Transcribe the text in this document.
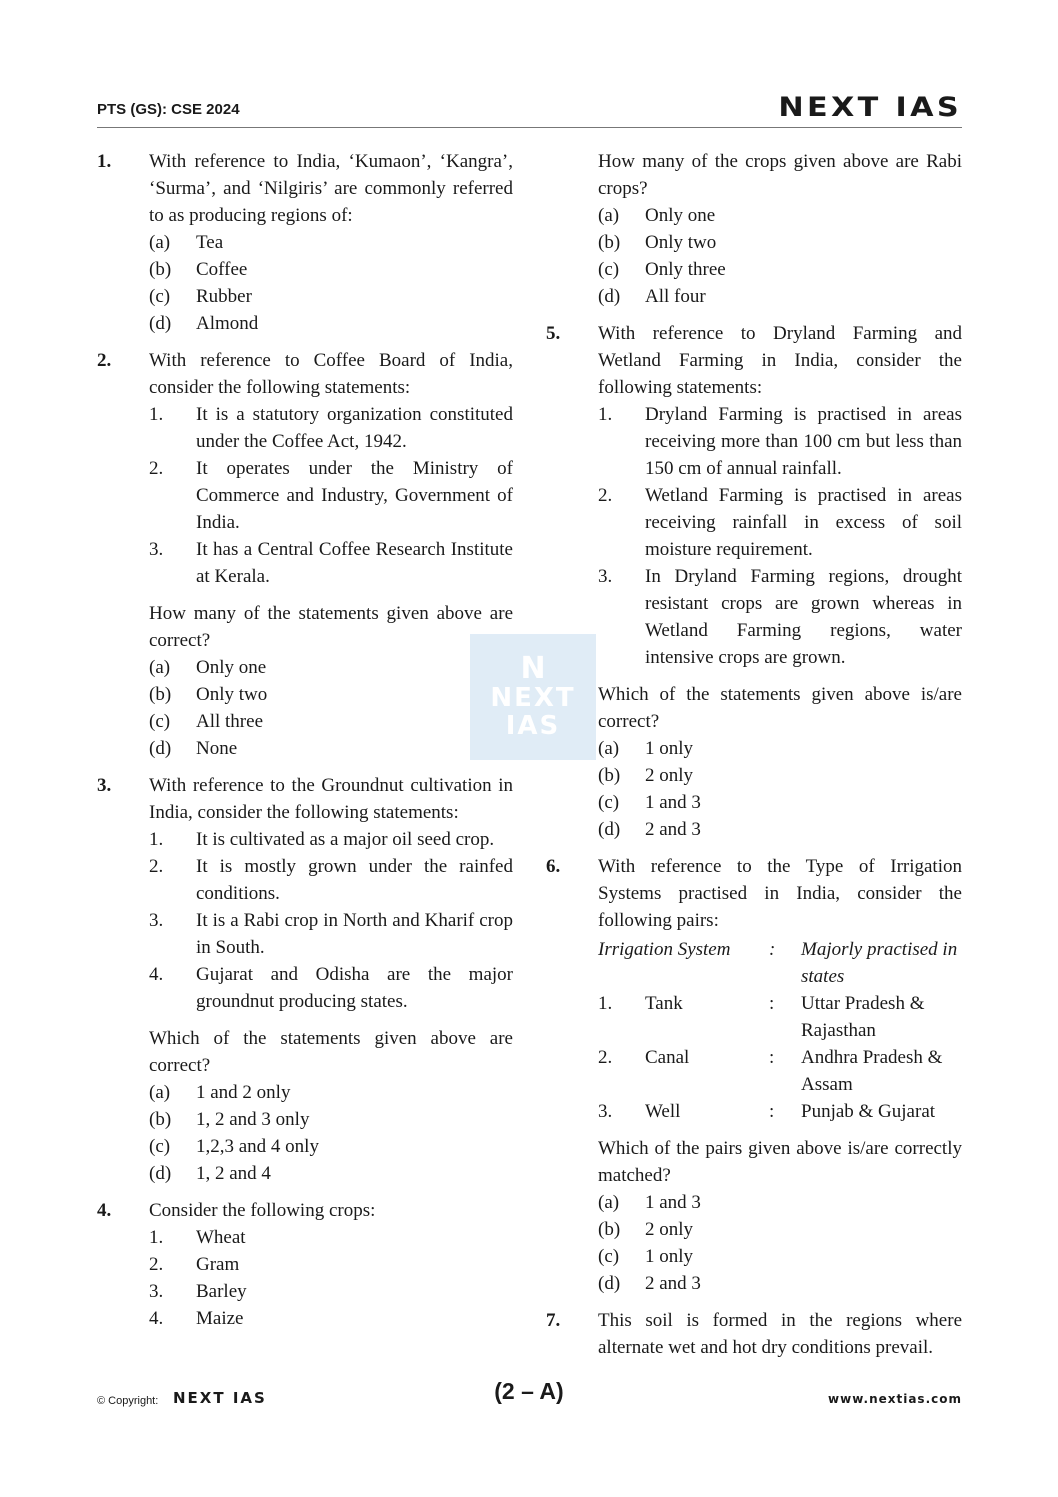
PTS (GS): CSE 2024	NEXT IAS
1. With reference to India, ‘Kumaon’, ‘Kangra’, ‘Surma’, and ‘Nilgiris’ are commonly referred to as producing regions of:
(a) Tea
(b) Coffee
(c) Rubber
(d) Almond
2. With reference to Coffee Board of India, consider the following statements:
1. It is a statutory organization constituted under the Coffee Act, 1942.
2. It operates under the Ministry of Commerce and Industry, Government of India.
3. It has a Central Coffee Research Institute at Kerala.
How many of the statements given above are correct?
(a) Only one
(b) Only two
(c) All three
(d) None
3. With reference to the Groundnut cultivation in India, consider the following statements:
1. It is cultivated as a major oil seed crop.
2. It is mostly grown under the rainfed conditions.
3. It is a Rabi crop in North and Kharif crop in South.
4. Gujarat and Odisha are the major groundnut producing states.
Which of the statements given above are correct?
(a) 1 and 2 only
(b) 1, 2 and 3 only
(c) 1,2,3 and 4 only
(d) 1, 2 and 4
4. Consider the following crops:
1. Wheat
2. Gram
3. Barley
4. Maize
How many of the crops given above are Rabi crops?
(a) Only one
(b) Only two
(c) Only three
(d) All four
5. With reference to Dryland Farming and Wetland Farming in India, consider the following statements:
1. Dryland Farming is practised in areas receiving more than 100 cm but less than 150 cm of annual rainfall.
2. Wetland Farming is practised in areas receiving rainfall in excess of soil moisture requirement.
3. In Dryland Farming regions, drought resistant crops are grown whereas in Wetland Farming regions, water intensive crops are grown.
Which of the statements given above is/are correct?
(a) 1 only
(b) 2 only
(c) 1 and 3
(d) 2 and 3
6. With reference to the Type of Irrigation Systems practised in India, consider the following pairs:
Irrigation System	:	Majorly practised in states
1.	Tank	:	Uttar Pradesh & Rajasthan
2.	Canal	:	Andhra Pradesh & Assam
3.	Well	:	Punjab & Gujarat
Which of the pairs given above is/are correctly matched?
(a) 1 and 3
(b) 2 only
(c) 1 only
(d) 2 and 3
7. This soil is formed in the regions where alternate wet and hot dry conditions prevail.
N
NEXT
IAS
© Copyright: NEXT IAS	(2 – A)	www.nextias.com
